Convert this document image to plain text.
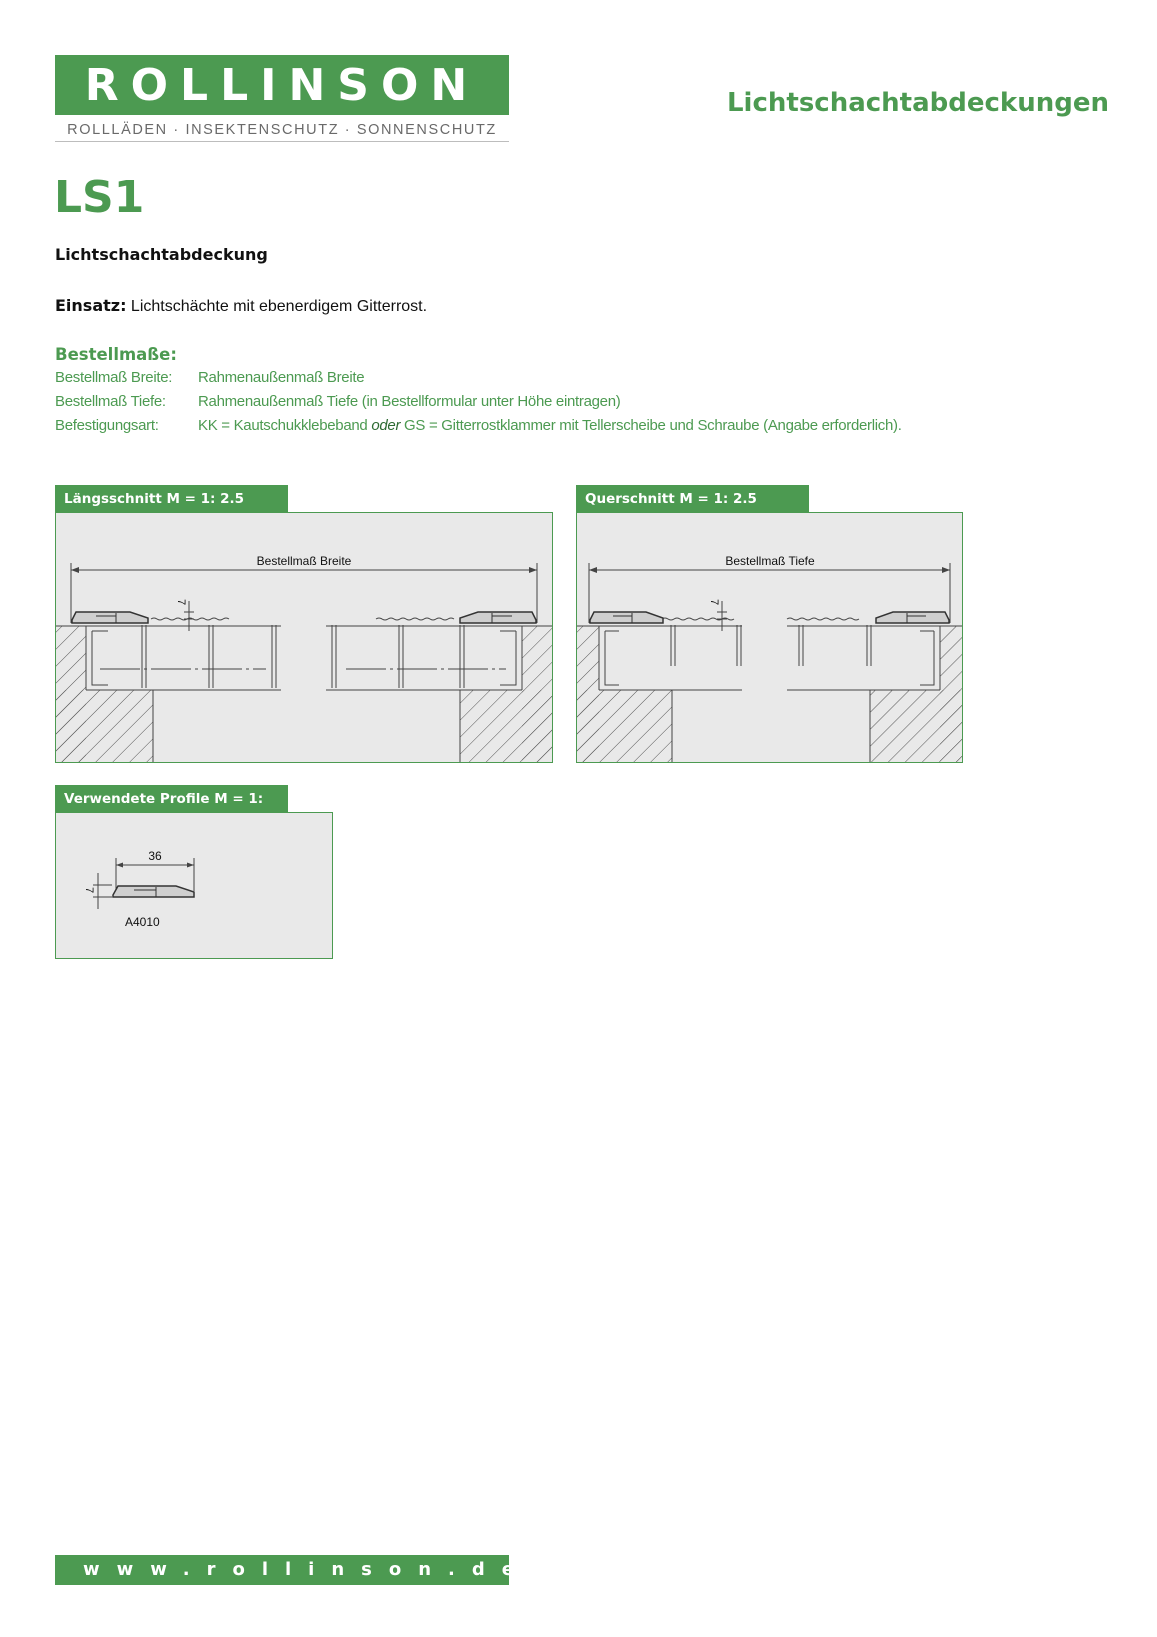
ROLLINSON
ROLLLÄDEN · INSEKTENSCHUTZ · SONNENSCHUTZ
Lichtschachtabdeckungen
LS1
Lichtschachtabdeckung
Einsatz: Lichtschächte mit ebenerdigem Gitterrost.
Bestellmaße:
Bestellmaß Breite: Rahmenaußenmaß Breite
Bestellmaß Tiefe: Rahmenaußenmaß Tiefe (in Bestellformular unter Höhe eintragen)
Befestigungsart:	KK = Kautschukklebeband oder GS = Gitterrostklammer mit Tellerscheibe und Schraube (Angabe erforderlich).
Längsschnitt M = 1: 2.5
Bestellmaß Breite
7
Querschnitt M = 1: 2.5
Bestellmaß Tiefe
7
Verwendete Profile M = 1:
36
7
A4010
www.rollinson.de
